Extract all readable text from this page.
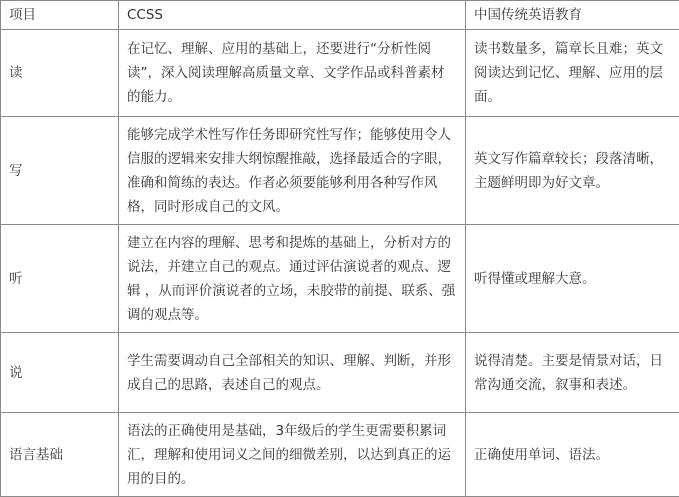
项目	CCSS	中国传统英语教育
读	在记忆、理解、应用的基础上，还要进行“分析性阅读”，深入阅读理解高质量文章、文学作品或科普素材的能力。	读书数量多，篇章长且难；英文阅读达到记忆、理解、应用的层面。
写	能够完成学术性写作任务即研究性写作；能够使用令人信服的逻辑来安排大纲惊醒推敲，选择最适合的字眼，准确和简练的表达。作者必须要能够利用各种写作风格，同时形成自己的文风。	英文写作篇章较长；段落清晰，主题鲜明即为好文章。
听	建立在内容的理解、思考和提炼的基础上，分析对方的说法，并建立自己的观点。通过评估演说者的观点、逻辑 ，从而评价演说者的立场，未胶带的前提、联系、强调的观点等。	听得懂或理解大意。
说	学生需要调动自己全部相关的知识、理解、判断，并形成自己的思路，表述自己的观点。	说得清楚。主要是情景对话，日常沟通交流，叙事和表述。
语言基础	语法的正确使用是基础，3年级后的学生更需要积累词汇，理解和使用词义之间的细微差别，以达到真正的运用的目的。	正确使用单词、语法。
